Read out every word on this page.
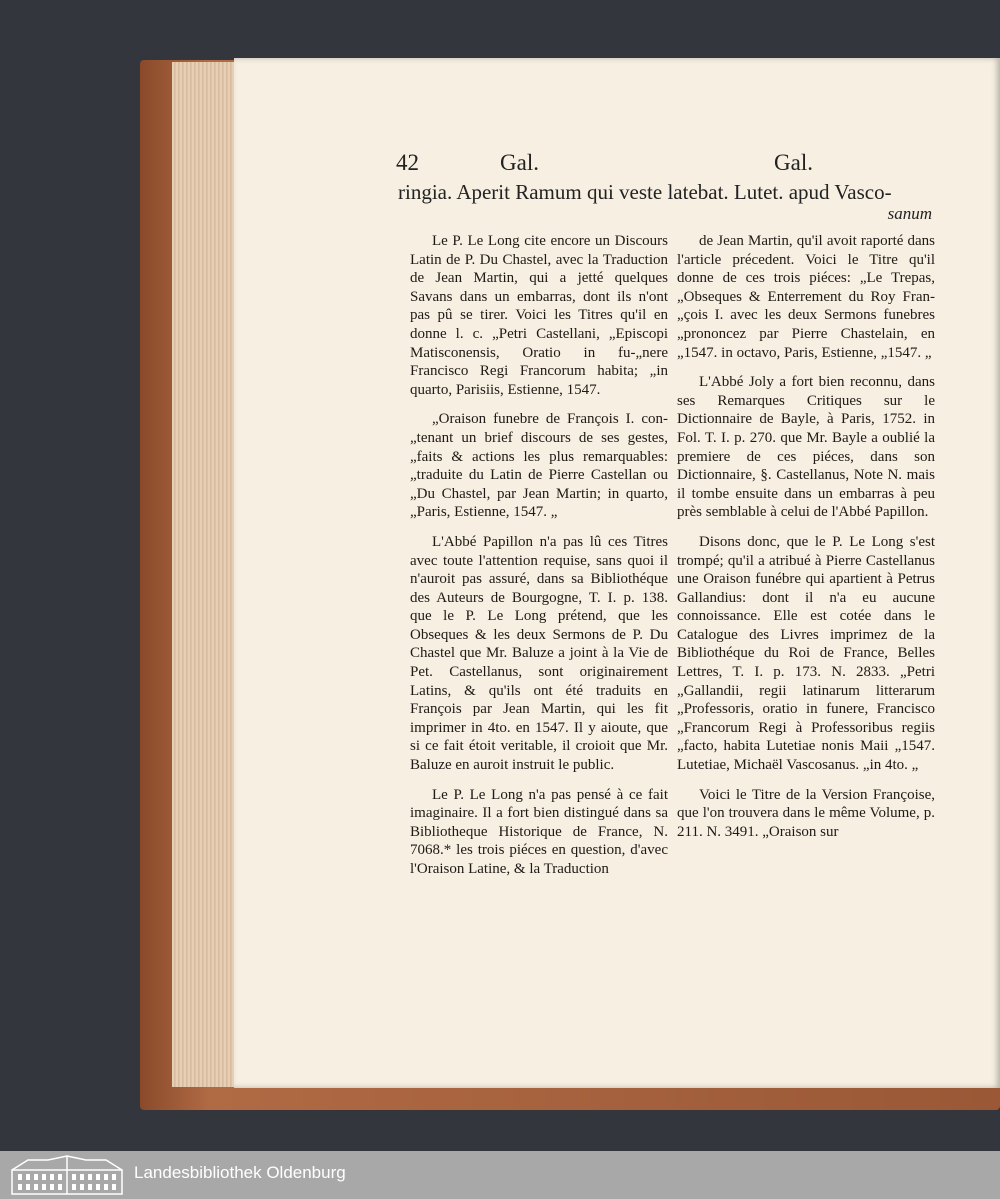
42	Gal.	Gal.
ringia. Aperit Ramum qui veste latebat. Lutet. apud Vasco-
sanum

Le P. Le Long cite encore un Discours Latin de P. Du Chastel, avec la Traduction de Jean Martin, qui a jetté quelques Savans dans un embarras, dont ils n'ont pas pû se tirer. Voici les Titres qu'il en donne l. c. „Petri Castellani, „Episcopi Matisconensis, Oratio in fu-„nere Francisco Regi Francorum habita; „in quarto, Parisiis, Estienne, 1547.

„Oraison funebre de François I. con-„tenant un brief discours de ses gestes, „faits & actions les plus remarquables: „traduite du Latin de Pierre Castellan ou „Du Chastel, par Jean Martin; in quarto, „Paris, Estienne, 1547. „

L'Abbé Papillon n'a pas lû ces Titres avec toute l'attention requise, sans quoi il n'auroit pas assuré, dans sa Bibliothéque des Auteurs de Bourgogne, T. I. p. 138. que le P. Le Long prétend, que les Obseques & les deux Sermons de P. Du Chastel que Mr. Baluze a joint à la Vie de Pet. Castellanus, sont originairement Latins, & qu'ils ont été traduits en François par Jean Martin, qui les fit imprimer in 4to. en 1547. Il y aioute, que si ce fait étoit veritable, il croioit que Mr. Baluze en auroit instruit le public.

Le P. Le Long n'a pas pensé à ce fait imaginaire. Il a fort bien distingué dans sa Bibliotheque Historique de France, N. 7068.* les trois piéces en question, d'avec l'Oraison Latine, & la Traduction

de Jean Martin, qu'il avoit raporté dans l'article précedent. Voici le Titre qu'il donne de ces trois piéces: „Le Trepas, „Obseques & Enterrement du Roy Fran-„çois I. avec les deux Sermons funebres „prononcez par Pierre Chastelain, en „1547. in octavo, Paris, Estienne, „1547. „

L'Abbé Joly a fort bien reconnu, dans ses Remarques Critiques sur le Dictionnaire de Bayle, à Paris, 1752. in Fol. T. I. p. 270. que Mr. Bayle a oublié la premiere de ces piéces, dans son Dictionnaire, §. Castellanus, Note N. mais il tombe ensuite dans un embarras à peu près semblable à celui de l'Abbé Papillon.

Disons donc, que le P. Le Long s'est trompé; qu'il a atribué à Pierre Castellanus une Oraison funébre qui apartient à Petrus Gallandius: dont il n'a eu aucune connoissance. Elle est cotée dans le Catalogue des Livres imprimez de la Bibliothéque du Roi de France, Belles Lettres, T. I. p. 173. N. 2833. „Petri „Gallandii, regii latinarum litterarum „Professoris, oratio in funere, Francisco „Francorum Regi à Professoribus regiis „facto, habita Lutetiae nonis Maii „1547. Lutetiae, Michaël Vascosanus. „in 4to. „

Voici le Titre de la Version Françoise, que l'on trouvera dans le même Volume, p. 211. N. 3491. „Oraison sur

Landesbibliothek Oldenburg
